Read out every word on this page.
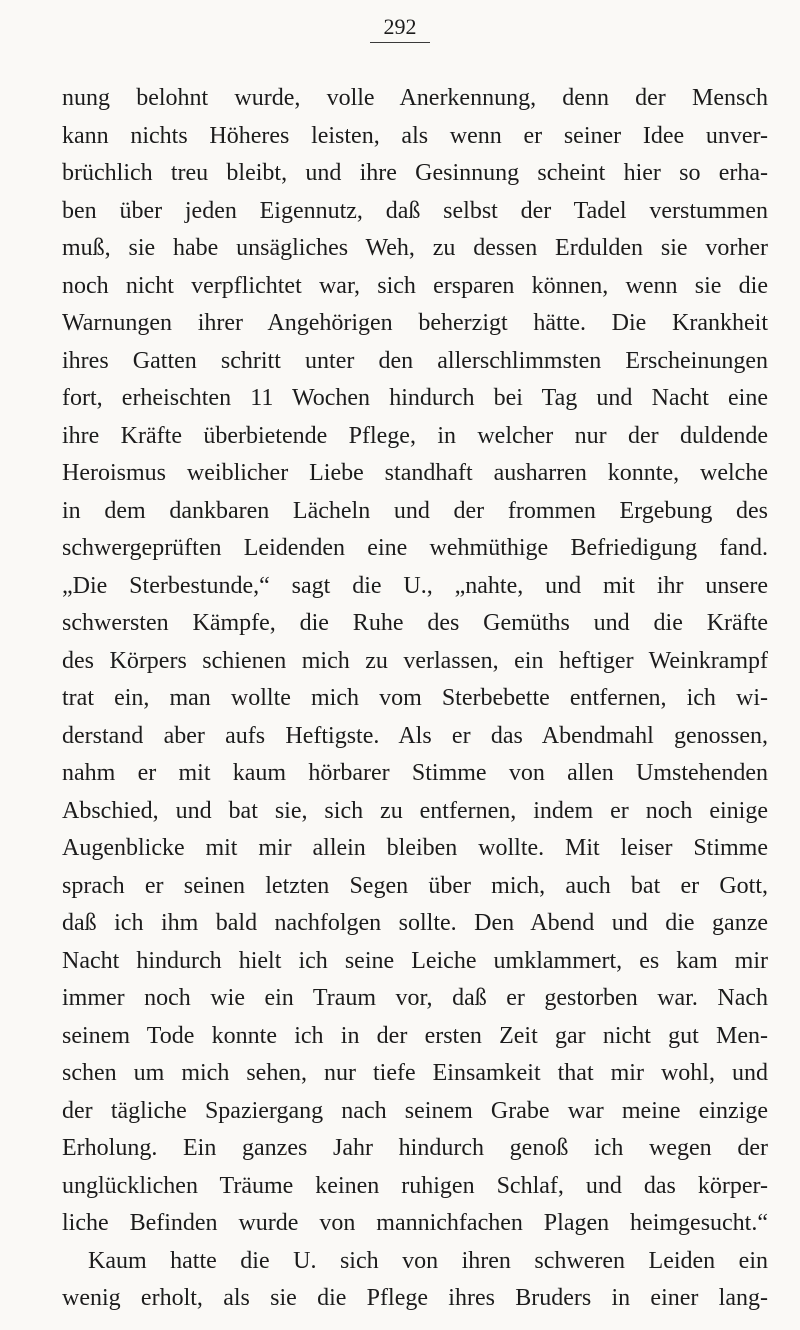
292
nung belohnt wurde, volle Anerkennung, denn der Mensch
kann nichts Höheres leisten, als wenn er seiner Idee unver-
brüchlich treu bleibt, und ihre Gesinnung scheint hier so erha-
ben über jeden Eigennutz, daß selbst der Tadel verstummen
muß, sie habe unsägliches Weh, zu dessen Erdulden sie vorher
noch nicht verpflichtet war, sich ersparen können, wenn sie die
Warnungen ihrer Angehörigen beherzigt hätte. Die Krankheit
ihres Gatten schritt unter den allerschlimmsten Erscheinungen
fort, erheischten 11 Wochen hindurch bei Tag und Nacht eine
ihre Kräfte überbietende Pflege, in welcher nur der duldende
Heroismus weiblicher Liebe standhaft ausharren konnte, welche
in dem dankbaren Lächeln und der frommen Ergebung des
schwergeprüften Leidenden eine wehmüthige Befriedigung fand.
„Die Sterbestunde,“ sagt die U., „nahte, und mit ihr unsere
schwersten Kämpfe, die Ruhe des Gemüths und die Kräfte
des Körpers schienen mich zu verlassen, ein heftiger Weinkrampf
trat ein, man wollte mich vom Sterbebette entfernen, ich wi-
derstand aber aufs Heftigste. Als er das Abendmahl genossen,
nahm er mit kaum hörbarer Stimme von allen Umstehenden
Abschied, und bat sie, sich zu entfernen, indem er noch einige
Augenblicke mit mir allein bleiben wollte. Mit leiser Stimme
sprach er seinen letzten Segen über mich, auch bat er Gott,
daß ich ihm bald nachfolgen sollte. Den Abend und die ganze
Nacht hindurch hielt ich seine Leiche umklammert, es kam mir
immer noch wie ein Traum vor, daß er gestorben war. Nach
seinem Tode konnte ich in der ersten Zeit gar nicht gut Men-
schen um mich sehen, nur tiefe Einsamkeit that mir wohl, und
der tägliche Spaziergang nach seinem Grabe war meine einzige
Erholung. Ein ganzes Jahr hindurch genoß ich wegen der
unglücklichen Träume keinen ruhigen Schlaf, und das körper-
liche Befinden wurde von mannichfachen Plagen heimgesucht.“
Kaum hatte die U. sich von ihren schweren Leiden ein
wenig erholt, als sie die Pflege ihres Bruders in einer lang-
